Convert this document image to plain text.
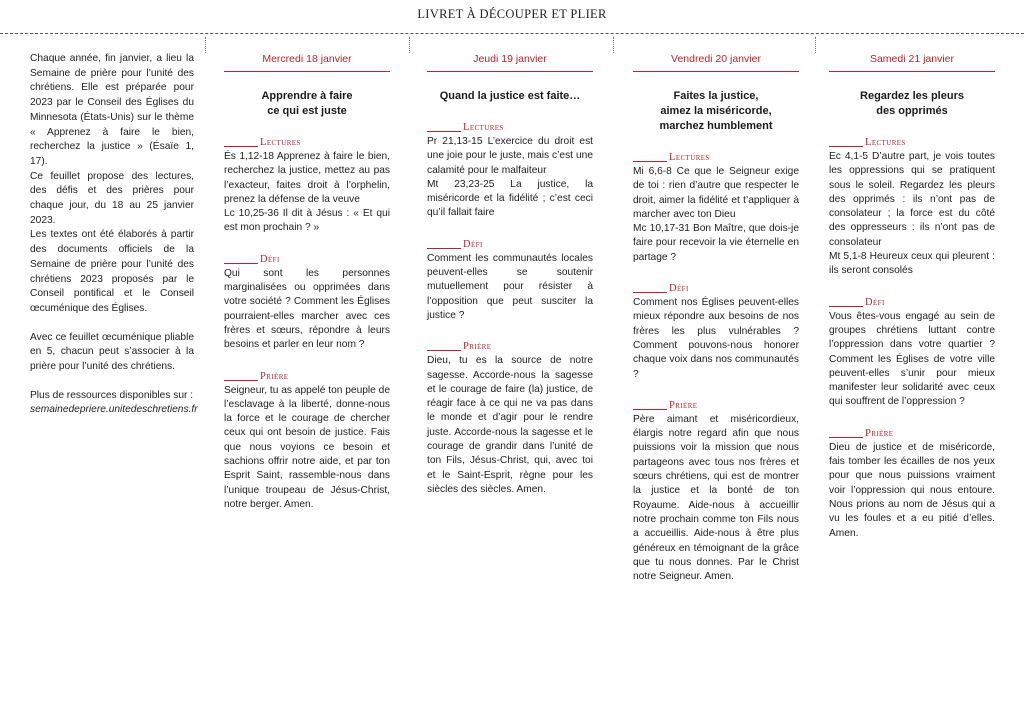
LIVRET À DÉCOUPER ET PLIER

Chaque année, fin janvier, a lieu la Semaine de prière pour l’unité des chrétiens. Elle est préparée pour 2023 par le Conseil des Églises du Minnesota (États-Unis) sur le thème « Apprenez à faire le bien, recherchez la justice » (Ésaïe 1, 17).

Ce feuillet propose des lectures, des défis et des prières pour chaque jour, du 18 au 25 janvier 2023.

Les textes ont été élaborés à partir des documents officiels de la Semaine de prière pour l’unité des chrétiens 2023 proposés par le Conseil pontifical et le Conseil œcuménique des Églises.

Avec ce feuillet œcuménique pliable en 5, chacun peut s’associer à la prière pour l’unité des chrétiens.

Plus de ressources disponibles sur :

semainedepriere.unitedeschretiens.fr

Mercredi 18 janvier
Apprendre à faire
ce qui est juste
Lectures

És 1,12-18 Apprenez à faire le bien, recherchez la justice, mettez au pas l’exacteur, faites droit à l’orphelin, prenez la défense de la veuve

Lc 10,25-36 Il dit à Jésus : « Et qui est mon prochain ? »

Défi
Qui sont les personnes marginalisées ou opprimées dans votre société ? Comment les Églises pourraient-elles marcher avec ces frères et sœurs, répondre à leurs besoins et parler en leur nom ?
Prière
Seigneur, tu as appelé ton peuple de l’esclavage à la liberté, donne-nous la force et le courage de chercher ceux qui ont besoin de justice. Fais que nous voyions ce besoin et sachions offrir notre aide, et par ton Esprit Saint, rassemble-nous dans l’unique troupeau de Jésus-Christ, notre berger. Amen.
Jeudi 19 janvier
Quand la justice est faite…
Lectures

Pr 21,13-15 L’exercice du droit est une joie pour le juste, mais c’est une calamité pour le malfaiteur

Mt 23,23-25 La justice, la miséricorde et la fidélité ; c’est ceci qu’il fallait faire

Défi
Comment les communautés locales peuvent-elles se soutenir mutuellement pour résister à l’opposition que peut susciter la justice ?
Prière
Dieu, tu es la source de notre sagesse. Accorde-nous la sagesse et le courage de faire (la) justice, de réagir face à ce qui ne va pas dans le monde et d’agir pour le rendre juste. Accorde-nous la sagesse et le courage de grandir dans l’unité de ton Fils, Jésus-Christ, qui, avec toi et le Saint-Esprit, règne pour les siècles des siècles. Amen.
Vendredi 20 janvier
Faites la justice,
aimez la miséricorde,
marchez humblement
Lectures

Mi 6,6-8 Ce que le Seigneur exige de toi : rien d’autre que respecter le droit, aimer la fidélité et t’appliquer à marcher avec ton Dieu

Mc 10,17-31 Bon Maître, que dois-je faire pour recevoir la vie éternelle en partage ?

Défi
Comment nos Églises peuvent-elles mieux répondre aux besoins de nos frères les plus vulnérables ? Comment pouvons-nous honorer chaque voix dans nos communautés ?
Prière
Père aimant et miséricordieux, élargis notre regard afin que nous puissions voir la mission que nous partageons avec tous nos frères et sœurs chrétiens, qui est de montrer la justice et la bonté de ton Royaume. Aide-nous à accueillir notre prochain comme ton Fils nous a accueillis. Aide-nous à être plus généreux en témoignant de la grâce que tu nous donnes. Par le Christ notre Seigneur. Amen.
Samedi 21 janvier
Regardez les pleurs
des opprimés
Lectures

Ec 4,1-5 D’autre part, je vois toutes les oppressions qui se pratiquent sous le soleil. Regardez les pleurs des opprimés : ils n’ont pas de consolateur ; la force est du côté des oppresseurs : ils n’ont pas de consolateur

Mt 5,1-8 Heureux ceux qui pleurent : ils seront consolés

Défi
Vous êtes-vous engagé au sein de groupes chrétiens luttant contre l’oppression dans votre quartier ? Comment les Églises de votre ville peuvent-elles s’unir pour mieux manifester leur solidarité avec ceux qui souffrent de l’oppression ?
Prière
Dieu de justice et de miséricorde, fais tomber les écailles de nos yeux pour que nous puissions vraiment voir l’oppression qui nous entoure. Nous prions au nom de Jésus qui a vu les foules et a eu pitié d’elles. Amen.
